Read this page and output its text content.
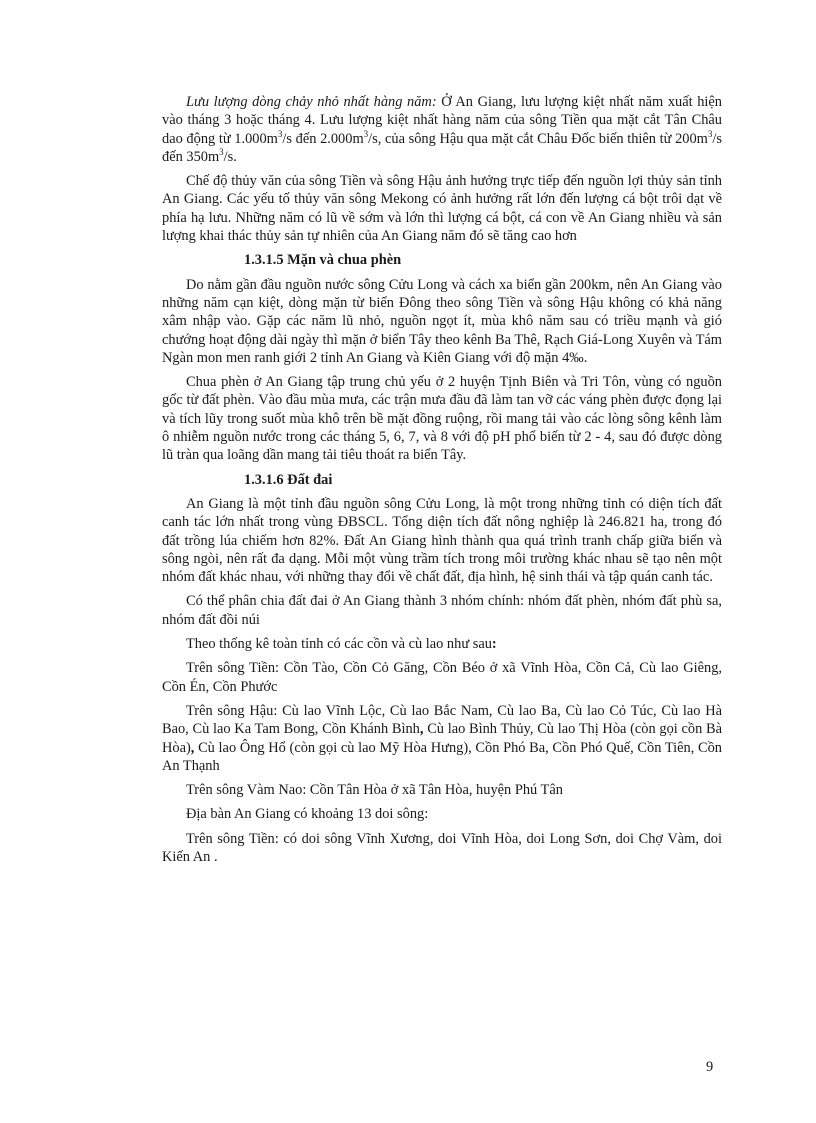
Lưu lượng dòng chảy nhỏ nhất hàng năm: Ở An Giang, lưu lượng kiệt nhất năm xuất hiện vào tháng 3 hoặc tháng 4. Lưu lượng kiệt nhất hàng năm của sông Tiền qua mặt cắt Tân Châu dao động từ $1.000m^3/s$ đến $2.000m^3/s$, của sông Hậu qua mặt cắt Châu Đốc biến thiên từ $200m^3/s$ đến $350m^3/s$.

Chế độ thủy văn của sông Tiền và sông Hậu ảnh hưởng trực tiếp đến nguồn lợi thủy sản tỉnh An Giang. Các yếu tố thủy văn sông Mekong có ảnh hưởng rất lớn đến lượng cá bột trôi dạt về phía hạ lưu. Những năm có lũ về sớm và lớn thì lượng cá bột, cá con về An Giang nhiều và sản lượng khai thác thủy sản tự nhiên của An Giang năm đó sẽ tăng cao hơn

1.3.1.5 Mặn và chua phèn

Do nằm gần đầu nguồn nước sông Cửu Long và cách xa biển gần 200km, nên An Giang vào những năm cạn kiệt, dòng mặn từ biển Đông theo sông Tiền và sông Hậu không có khả năng xâm nhập vào. Gặp các năm lũ nhỏ, nguồn ngọt ít, mùa khô năm sau có triều mạnh và gió chướng hoạt động dài ngày thì mặn ở biển Tây theo kênh Ba Thê, Rạch Giá-Long Xuyên và Tám Ngàn mon men ranh giới 2 tỉnh An Giang và Kiên Giang với độ mặn 4‰.

Chua phèn ở An Giang tập trung chủ yếu ở 2 huyện Tịnh Biên và Tri Tôn, vùng có nguồn gốc từ đất phèn. Vào đầu mùa mưa, các trận mưa đầu đã làm tan vỡ các váng phèn được đọng lại và tích lũy trong suốt mùa khô trên bề mặt đồng ruộng, rồi mang tải vào các lòng sông kênh làm ô nhiễm nguồn nước trong các tháng 5, 6, 7, và 8 với độ pH phổ biến từ 2 - 4, sau đó được dòng lũ tràn qua loãng dần mang tải tiêu thoát ra biển Tây.

1.3.1.6 Đất đai

An Giang là một tỉnh đầu nguồn sông Cửu Long, là một trong những tỉnh có diện tích đất canh tác lớn nhất trong vùng ĐBSCL. Tổng diện tích đất nông nghiệp là 246.821 ha, trong đó đất trồng lúa chiếm hơn 82%. Đất An Giang hình thành qua quá trình tranh chấp giữa biển và sông ngòi, nên rất đa dạng. Mỗi một vùng trầm tích trong môi trường khác nhau sẽ tạo nên một nhóm đất khác nhau, với những thay đổi về chất đất, địa hình, hệ sinh thái và tập quán canh tác.

Có thể phân chia đất đai ở An Giang thành 3 nhóm chính: nhóm đất phèn, nhóm đất phù sa, nhóm đất đồi núi

Theo thống kê toàn tỉnh có các cồn và cù lao như sau:

Trên sông Tiền: Cồn Tào, Cồn Cỏ Găng, Cồn Béo ở xã Vĩnh Hòa, Cồn Cả, Cù lao Giêng, Cồn Én, Cồn Phước

Trên sông Hậu: Cù lao Vĩnh Lộc, Cù lao Bắc Nam, Cù lao Ba, Cù lao Cỏ Túc, Cù lao Hà Bao, Cù lao Ka Tam Bong, Cồn Khánh Bình, Cù lao Bình Thủy, Cù lao Thị Hòa (còn gọi cồn Bà Hòa), Cù lao Ông Hổ (còn gọi cù lao Mỹ Hòa Hưng), Cồn Phó Ba, Cồn Phó Quế, Cồn Tiên, Cồn An Thạnh

Trên sông Vàm Nao: Cồn Tân Hòa ở xã Tân Hòa, huyện Phú Tân

Địa bàn An Giang có khoảng 13 doi sông:

Trên sông Tiền: có doi sông Vĩnh Xương, doi Vĩnh Hòa, doi Long Sơn, doi Chợ Vàm, doi Kiến An .

9
